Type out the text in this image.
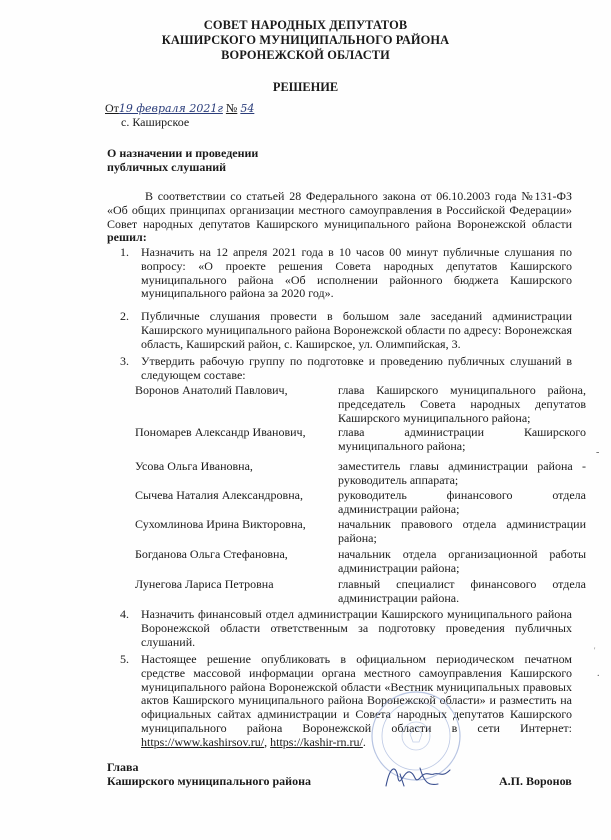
СОВЕТ НАРОДНЫХ ДЕПУТАТОВ
КАШИРСКОГО МУНИЦИПАЛЬНОГО РАЙОНА
ВОРОНЕЖСКОЙ ОБЛАСТИ
РЕШЕНИЕ
От19 февраля 2021г № 54
с. Каширское
О назначении и проведении
публичных слушаний
В соответствии со статьей 28 Федерального закона от 06.10.2003 года №131-ФЗ «Об общих принципах организации местного самоуправления в Российской Федерации» Совет народных депутатов Каширского муниципального района Воронежской области решил:
1. Назначить на 12 апреля 2021 года в 10 часов 00 минут публичные слушания по вопросу: «О проекте решения Совета народных депутатов Каширского муниципального района «Об исполнении районного бюджета Каширского муниципального района за 2020 год».
2. Публичные слушания провести в большом зале заседаний администрации Каширского муниципального района Воронежской области по адресу: Воронежская область, Каширский район, с. Каширское, ул. Олимпийская, 3.
3. Утвердить рабочую группу по подготовке и проведению публичных слушаний в следующем составе:
Воронов Анатолий Павлович,	глава Каширского муниципального района, председатель Совета народных депутатов Каширского муниципального района;
Пономарев Александр Иванович,	глава администрации Каширского муниципального района;
Усова Ольга Ивановна,	заместитель главы администрации района - руководитель аппарата;
Сычева Наталия Александровна,	руководитель финансового отдела администрации района;
Сухомлинова Ирина Викторовна,	начальник правового отдела администрации района;
Богданова Ольга Стефановна,	начальник отдела организационной работы администрации района;
Лунегова Лариса Петровна	главный специалист финансового отдела администрации района.
4. Назначить финансовый отдел администрации Каширского муниципального района Воронежской области ответственным за подготовку проведения публичных слушаний.
5. Настоящее решение опубликовать в официальном периодическом печатном средстве массовой информации органа местного самоуправления Каширского муниципального района Воронежской области «Вестник муниципальных правовых актов Каширского муниципального района Воронежской области» и разместить на официальных сайтах администрации и Совета народных депутатов Каширского муниципального района Воронежской области в сети Интернет: https://www.kashirsov.ru/, https://kashir-rn.ru/.
Глава
Каширского муниципального района	А.П. Воронов
-
.
'
